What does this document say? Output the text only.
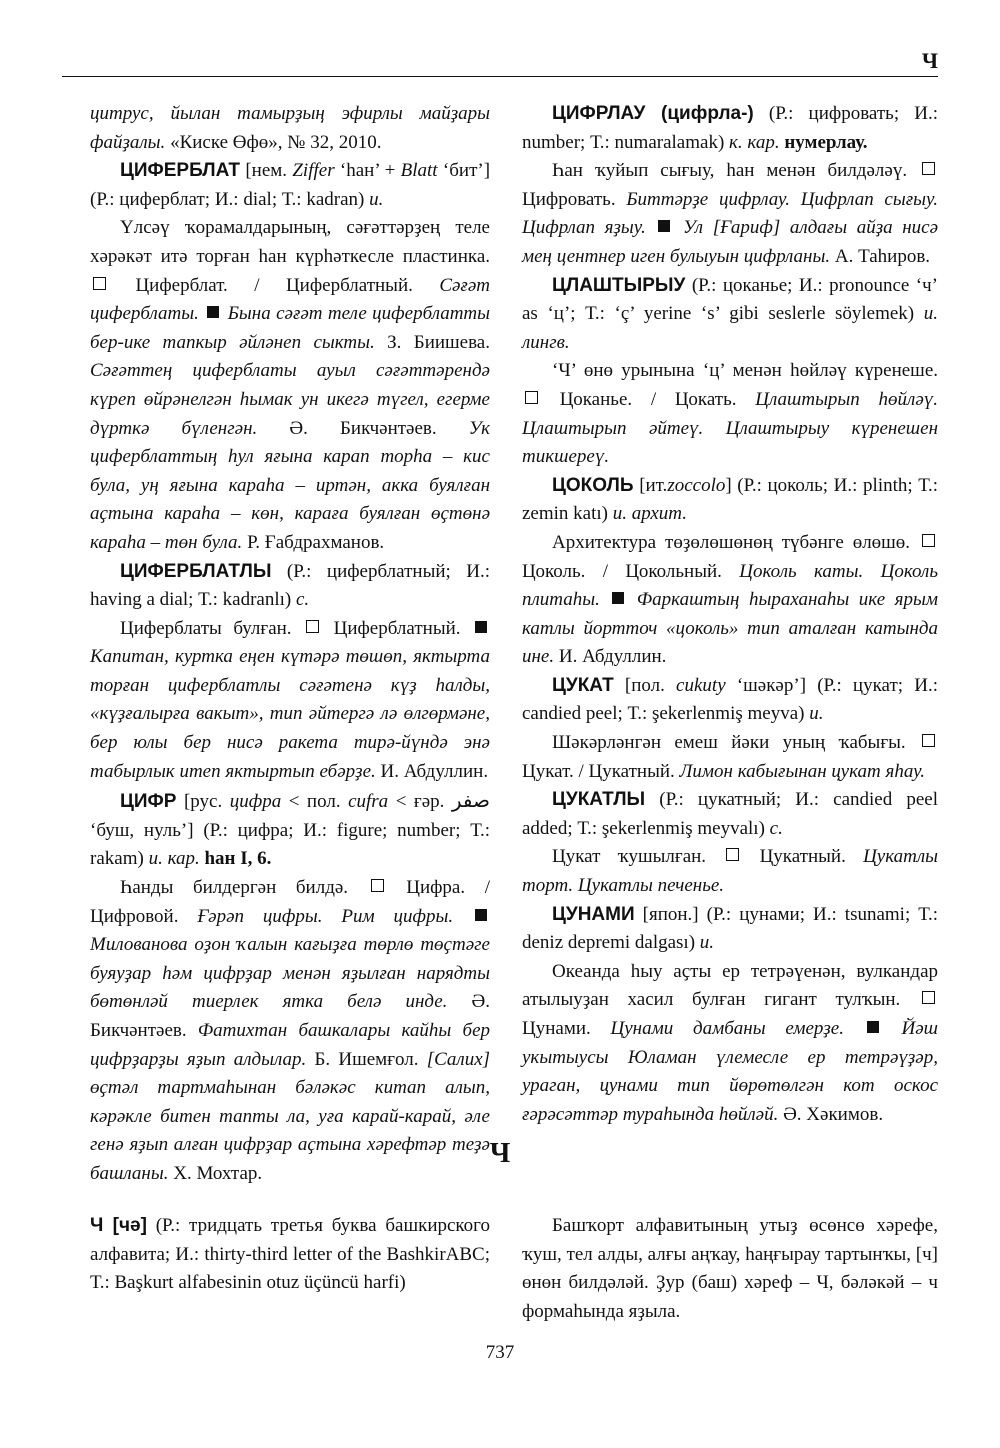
Ч

цитрус, йылан тамырҙың эфирлы майҙары файҙалы. «Киске Өфө», № 32, 2010.

ЦИФЕРБЛАТ [нем. Ziffer ‘һан’ + Blatt ‘бит’] (Р.: циферблат; И.: dial; Т.: kadran) и.

Үлсәү ҡорамалдарының, сәғәттәрҙең теле хәрәкәт итә торған һан күрһәткесле пластинка.  Циферблат. / Циферблатный. Сәғәт циферблаты. Бына сәғәт теле циферблатты бер-ике тапкыр әйләнеп сыкты. З. Биишева. Сәғәттең циферблаты ауыл сәғәттәрендә күреп өйрәнелгән һымак ун икегә түгел, егерме дүрткә бүленгән. Ә. Бикчәнтәев. Ук циферблаттың һул яғына карап торһа – кис була, уң яғына караһа – иртән, акка буялған аҫтына караһа – көн, карағa буялған өҫтөнә караһа – төн була. Р. Ғабдрахманов.

ЦИФЕРБЛАТЛЫ (Р.: циферблатный; И.: having a dial; Т.: kadranlı) с.

Циферблаты булған. Циферблатный.  Капитан, куртка еңен күтәрә төшөп, яктырта торған циферблатлы сәғәтенә күҙ һалды, «күҙғалырға вакыт», тип әйтергә лә өлгөрмәне, бер юлы бер нисә ракета тирә-йүндә энә табырлык итеп яктыртып ебәрҙе. И. Абдуллин.

ЦИФР [рус. цифра < пол. cufra < ғәр. صفر ‘буш, нуль’] (Р.: цифра; И.: figure; number; Т.: rakam) и. кар. һан I, 6.

Һанды билдергән билдә.	Цифра. / Цифровой. Ғәрәп цифры. Рим цифры.  Милованова оҙон ҡалын кағыҙға төрлө төҫтәге буяуҙар һәм цифрҙар менән яҙылған нарядты бөтөнләй тиерлек ятка белә инде. Ә. Бикчәнтәев. Фатихтан башкалары кайһы бер цифрҙарҙы яҙып алдылар. Б. Ишемғол. [Салих] өҫтәл тартмаһынан бәләкәс китап алып, кәрәкле битен тапты ла, уға карай-карай, әле генә яҙып алған цифрҙар аҫтына хәрефтәр теҙә башланы. Х. Мохтар.

ЦИФРЛАУ (цифрла-) (Р.: цифровать; И.: number; Т.: numaralamak) к. кар. нумерлау.

Һан ҡуйып сығыу, һан менән билдәләү.  Цифровать. Биттәрҙе цифрлау. Цифрлап сығыу. Цифрлап яҙыу. Ул [Ғариф] алдағы айҙа нисә мең центнер иген булыуын цифрланы. А. Таһиров.

ЦЛАШТЫРЫУ (Р.: цоканье; И.: pronounce ‘ч’ as ‘ц’; Т.: ‘ç’ yerine ‘s’ gibi seslerle söylemek) и. лингв.

‘Ч’ өнө урынына ‘ц’ менән һөйләү күренеше.  Цоканье. / Цокать. Цлаштырып һөйләү. Цлаштырып әйтеү. Цлаштырыу күренешен тикшереү.

ЦОКОЛЬ [ит.zoccolo] (Р.: цоколь; И.: plinth; Т.: zemin katı) и. архит.

Архитектура төҙөлөшөнөң түбәнге өлөшө.  Цоколь. / Цокольный. Цоколь каты. Цоколь плитаһы. Фаркаштың һыраханаһы ике ярым катлы йортточ «цоколь» тип аталған катында ине. И. Абдуллин.

ЦУКАТ [пол. cukuty ‘шәкәр’] (Р.: цукат; И.: candied peel; Т.: şekerlenmiş meyva) и.

Шәкәрләнгән емеш йәки уның ҡабығы.  Цукат. / Цукатный. Лимон кабығынан цукат яһау.

ЦУКАТЛЫ (Р.: цукатный; И.: candied peel added; Т.: şekerlenmiş meyvalı) с.

Цукат ҡушылған.	Цукатный. Цукатлы торт. Цукатлы печенье.

ЦУНАМИ [япон.] (Р.: цунами; И.: tsunami; Т.: deniz depremi dalgası) и.

Океанда һыу аҫты ер тетрәүенән, вулкандар атылыуҙан хасил булған гигант тулҡын.  Цунами. Цунами дамбаны емерҙе.	Йәш укытыусы Юламан үлемесле ер тетрәүҙәр, ураган, цунами тип йөрөтөлгән кот оскос ғәрәсәттәр тураһында һөйләй. Ә. Хәкимов.

Ч
Ч [чә] (Р.: тридцать третья буква башкирского алфавита; И.: thirty-third letter of the BashkirABC; Т.: Başkurt alfabesinin otuz üçüncü harfi)
Башҡорт алфавитының утыҙ өсөнсө хәрефе, ҡуш, тел алды, алғы аңҡау, һаңғырау тартынҡы, [ч] өнөн билдәләй. Ҙур (баш) хәреф – Ч, бәләкәй – ч формаһында яҙыла.
737
